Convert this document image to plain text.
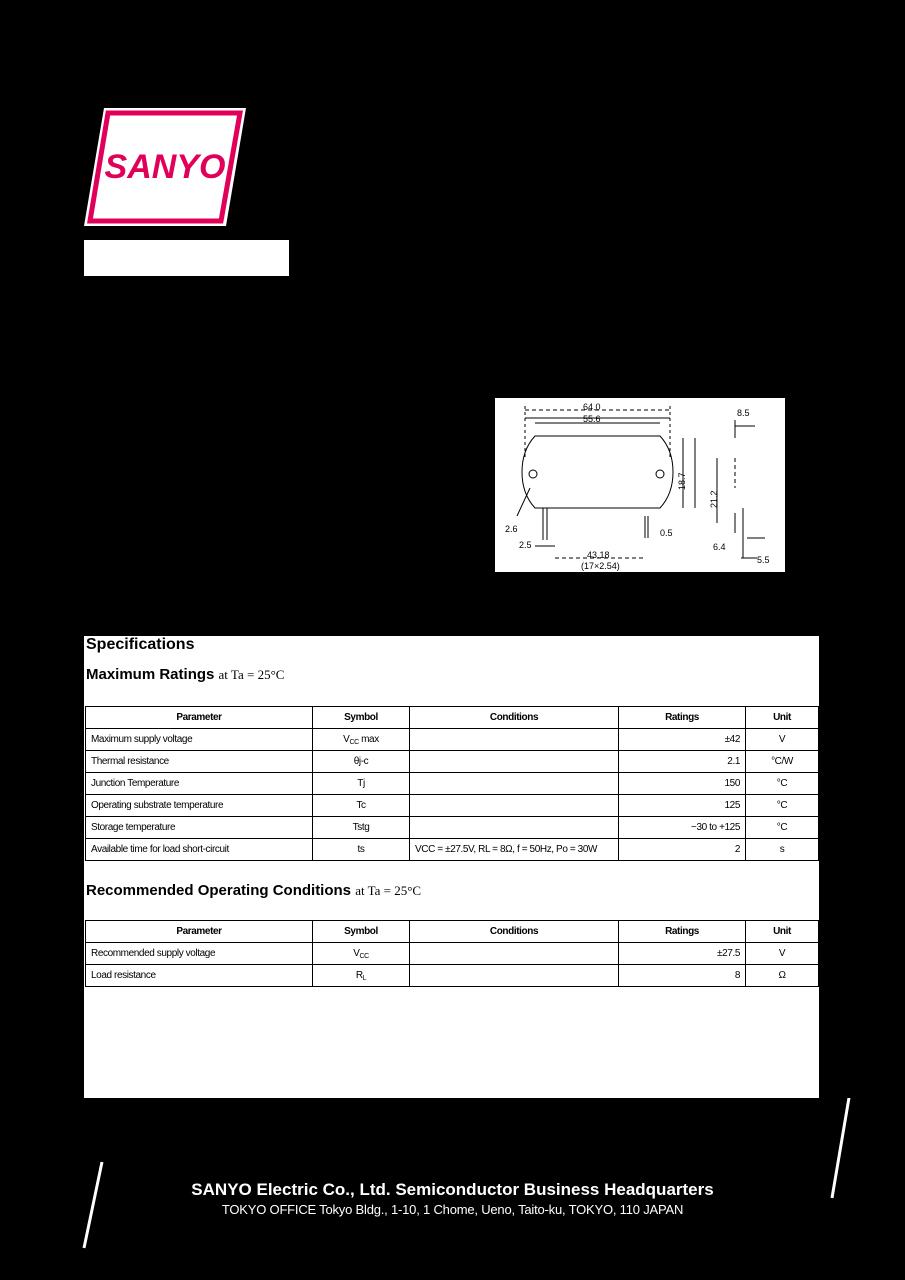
SANYO
64.0
55.6
18.7
21.2
8.5
2.5
2.6	0.5
6.4
43.18
(17×2.54)
5.5
Specifications
Maximum Ratings at Ta = 25°C
Parameter	Symbol	Conditions	Ratings	Unit
Maximum supply voltage	$V_{CC}$ max		±42	V
Thermal resistance	θj-c		2.1	°C/W
Junction Temperature	Tj		150	°C
Operating substrate temperature	Tc		125	°C
Storage temperature	Tstg		−30 to +125	°C
Available time for load short-circuit	ts	VCC = ±27.5V, RL = 8Ω, f = 50Hz, Po = 30W	2	s
Recommended Operating Conditions at Ta = 25°C
Parameter	Symbol	Conditions	Ratings	Unit
Recommended supply voltage	$V_{CC}$		±27.5	V
Load resistance	$R_L$		8	Ω
SANYO Electric Co., Ltd. Semiconductor Business Headquarters
TOKYO OFFICE Tokyo Bldg., 1-10, 1 Chome, Ueno, Taito-ku, TOKYO, 110 JAPAN
